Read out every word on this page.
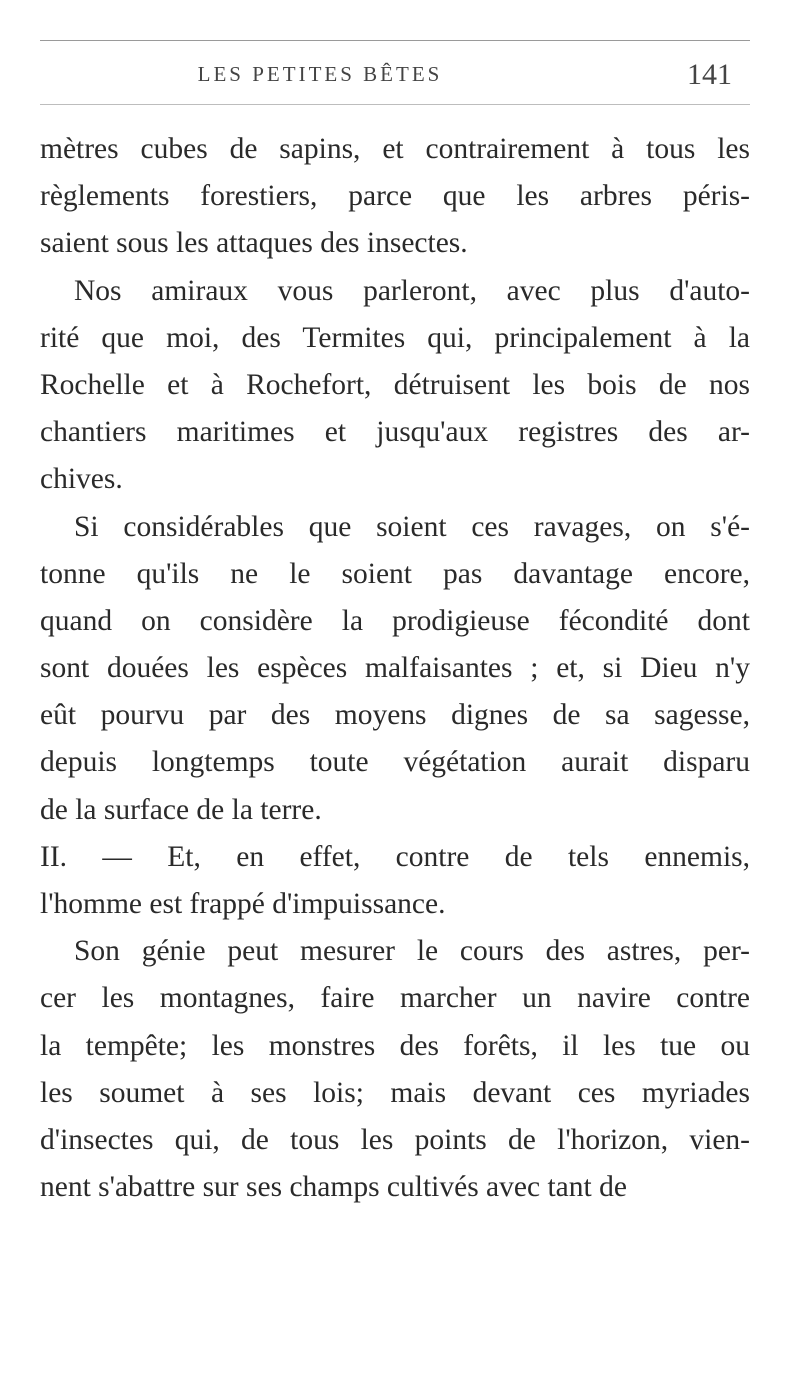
LES PETITES BÊTES	141
mètres cubes de sapins, et contrairement à tous les
règlements forestiers, parce que les arbres péris-
saient sous les attaques des insectes.
Nos amiraux vous parleront, avec plus d'auto-
rité que moi, des Termites qui, principalement à la
Rochelle et à Rochefort, détruisent les bois de nos
chantiers maritimes et jusqu'aux registres des ar-
chives.
Si considérables que soient ces ravages, on s'é-
tonne qu'ils ne le soient pas davantage encore,
quand on considère la prodigieuse fécondité dont
sont douées les espèces malfaisantes ; et, si Dieu n'y
eût pourvu par des moyens dignes de sa sagesse,
depuis longtemps toute végétation aurait disparu
de la surface de la terre.
II. — Et, en effet, contre de tels ennemis,
l'homme est frappé d'impuissance.
Son génie peut mesurer le cours des astres, per-
cer les montagnes, faire marcher un navire contre
la tempête; les monstres des forêts, il les tue ou
les soumet à ses lois; mais devant ces myriades
d'insectes qui, de tous les points de l'horizon, vien-
nent s'abattre sur ses champs cultivés avec tant de
